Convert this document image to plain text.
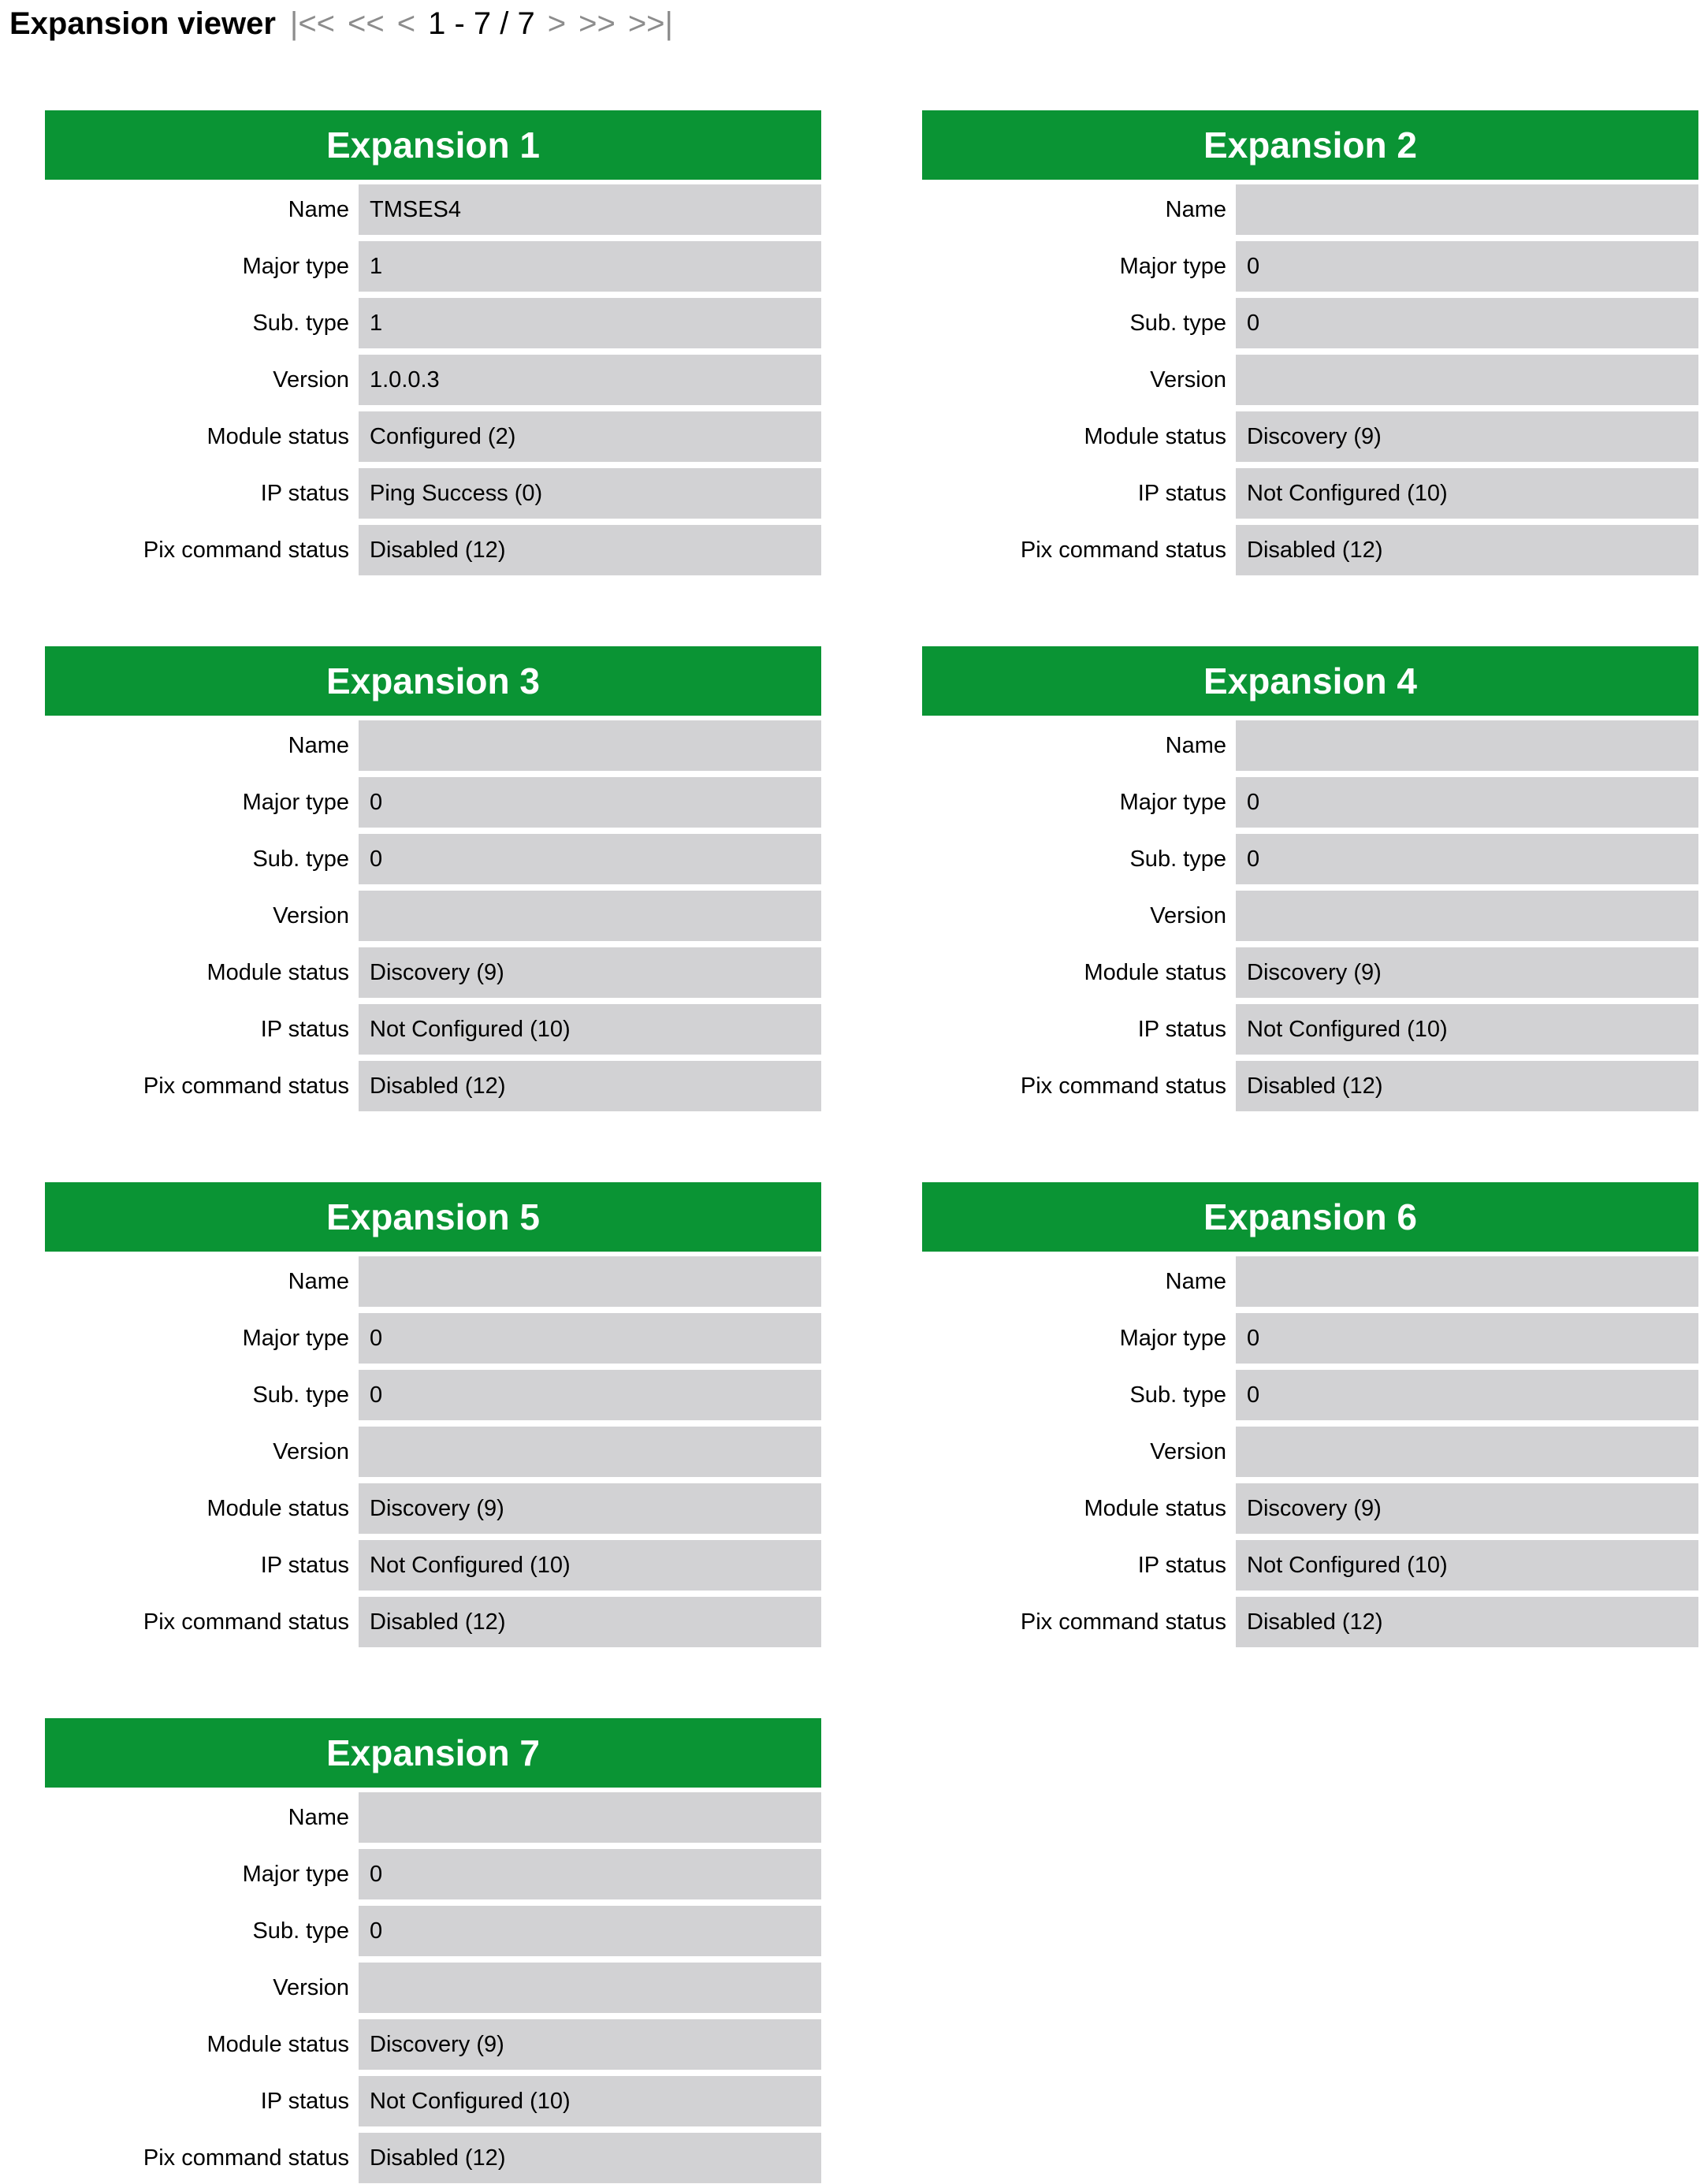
Expansion viewer |<< << < 1 - 7 / 7 > >> >>|
Expansion 1
Name TMSES4
Major type 1
Sub. type 1
Version 1.0.0.3
Module status Configured (2)
IP status Ping Success (0)
Pix command status Disabled (12)
Expansion 2
Name
Major type 0
Sub. type 0
Version
Module status Discovery (9)
IP status Not Configured (10)
Pix command status Disabled (12)
Expansion 3
Name
Major type 0
Sub. type 0
Version
Module status Discovery (9)
IP status Not Configured (10)
Pix command status Disabled (12)
Expansion 4
Name
Major type 0
Sub. type 0
Version
Module status Discovery (9)
IP status Not Configured (10)
Pix command status Disabled (12)
Expansion 5
Name
Major type 0
Sub. type 0
Version
Module status Discovery (9)
IP status Not Configured (10)
Pix command status Disabled (12)
Expansion 6
Name
Major type 0
Sub. type 0
Version
Module status Discovery (9)
IP status Not Configured (10)
Pix command status Disabled (12)
Expansion 7
Name
Major type 0
Sub. type 0
Version
Module status Discovery (9)
IP status Not Configured (10)
Pix command status Disabled (12)
